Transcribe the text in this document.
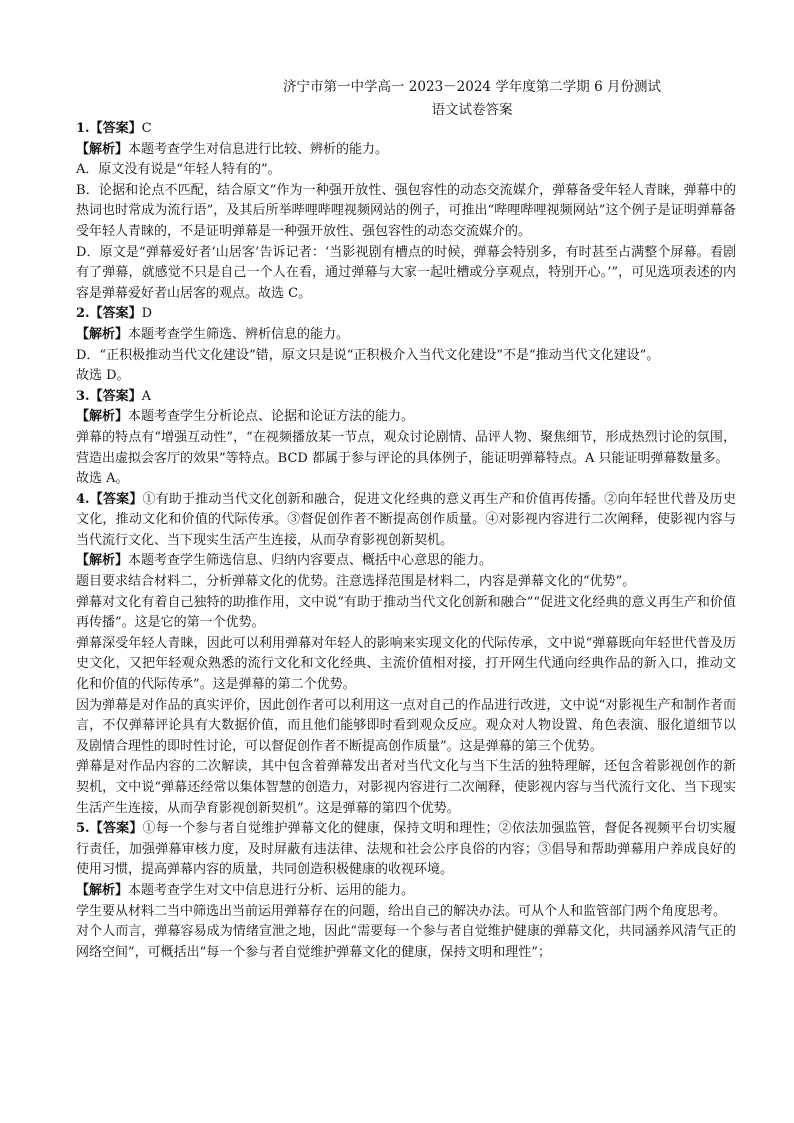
济宁市第一中学高一 2023－2024 学年度第二学期 6 月份测试
语文试卷答案

1.【答案】C

【解析】本题考查学生对信息进行比较、辨析的能力。

A．原文没有说是“年轻人特有的”。

B．论据和论点不匹配，结合原文“作为一种强开放性、强包容性的动态交流媒介，弹幕备受年轻人青睐，弹幕中的热词也时常成为流行语”，及其后所举哔哩哔哩视频网站的例子，可推出“哔哩哔哩视频网站”这个例子是证明弹幕备受年轻人青睐的，不是证明弹幕是一种强开放性、强包容性的动态交流媒介的。

D．原文是“弹幕爱好者‘山居客’告诉记者：‘当影视剧有槽点的时候，弹幕会特别多，有时甚至占满整个屏幕。看剧有了弹幕，就感觉不只是自己一个人在看，通过弹幕与大家一起吐槽或分享观点，特别开心。’”，可见选项表述的内容是弹幕爱好者山居客的观点。故选 C。

2.【答案】D

【解析】本题考查学生筛选、辨析信息的能力。

D．“正积极推动当代文化建设”错，原文只是说“正积极介入当代文化建设”不是“推动当代文化建设”。

故选 D。

3.【答案】A

【解析】本题考查学生分析论点、论据和论证方法的能力。

弹幕的特点有“增强互动性”，“在视频播放某一节点，观众讨论剧情、品评人物、聚焦细节，形成热烈讨论的氛围，营造出虚拟会客厅的效果”等特点。BCD 都属于参与评论的具体例子，能证明弹幕特点。A 只能证明弹幕数量多。

故选 A。

4.【答案】①有助于推动当代文化创新和融合，促进文化经典的意义再生产和价值再传播。②向年轻世代普及历史文化，推动文化和价值的代际传承。③督促创作者不断提高创作质量。④对影视内容进行二次阐释，使影视内容与当代流行文化、当下现实生活产生连接，从而孕育影视创新契机。

【解析】本题考查学生筛选信息、归纳内容要点、概括中心意思的能力。

题目要求结合材料二，分析弹幕文化的优势。注意选择范围是材料二，内容是弹幕文化的“优势”。

弹幕对文化有着自己独特的助推作用，文中说“有助于推动当代文化创新和融合”“促进文化经典的意义再生产和价值再传播”。这是它的第一个优势。

弹幕深受年轻人青睐，因此可以利用弹幕对年轻人的影响来实现文化的代际传承，文中说“弹幕既向年轻世代普及历史文化，又把年轻观众熟悉的流行文化和文化经典、主流价值相对接，打开网生代通向经典作品的新入口，推动文化和价值的代际传承”。这是弹幕的第二个优势。

因为弹幕是对作品的真实评价，因此创作者可以利用这一点对自己的作品进行改进，文中说“对影视生产和制作者而言，不仅弹幕评论具有大数据价值，而且他们能够即时看到观众反应。观众对人物设置、角色表演、服化道细节以及剧情合理性的即时性讨论，可以督促创作者不断提高创作质量”。这是弹幕的第三个优势。

弹幕是对作品内容的二次解读，其中包含着弹幕发出者对当代文化与当下生活的独特理解，还包含着影视创作的新契机，文中说“弹幕还经常以集体智慧的创造力，对影视内容进行二次阐释，使影视内容与当代流行文化、当下现实生活产生连接，从而孕育影视创新契机”。这是弹幕的第四个优势。

5.【答案】①每一个参与者自觉维护弹幕文化的健康，保持文明和理性；②依法加强监管，督促各视频平台切实履行责任，加强弹幕审核力度，及时屏蔽有违法律、法规和社会公序良俗的内容；③倡导和帮助弹幕用户养成良好的使用习惯，提高弹幕内容的质量，共同创造积极健康的收视环境。

【解析】本题考查学生对文中信息进行分析、运用的能力。

学生要从材料二当中筛选出当前运用弹幕存在的问题，给出自己的解决办法。可从个人和监管部门两个角度思考。

对个人而言，弹幕容易成为情绪宣泄之地，因此“需要每一个参与者自觉维护健康的弹幕文化，共同涵养风清气正的网络空间”，可概括出“每一个参与者自觉维护弹幕文化的健康，保持文明和理性”；
